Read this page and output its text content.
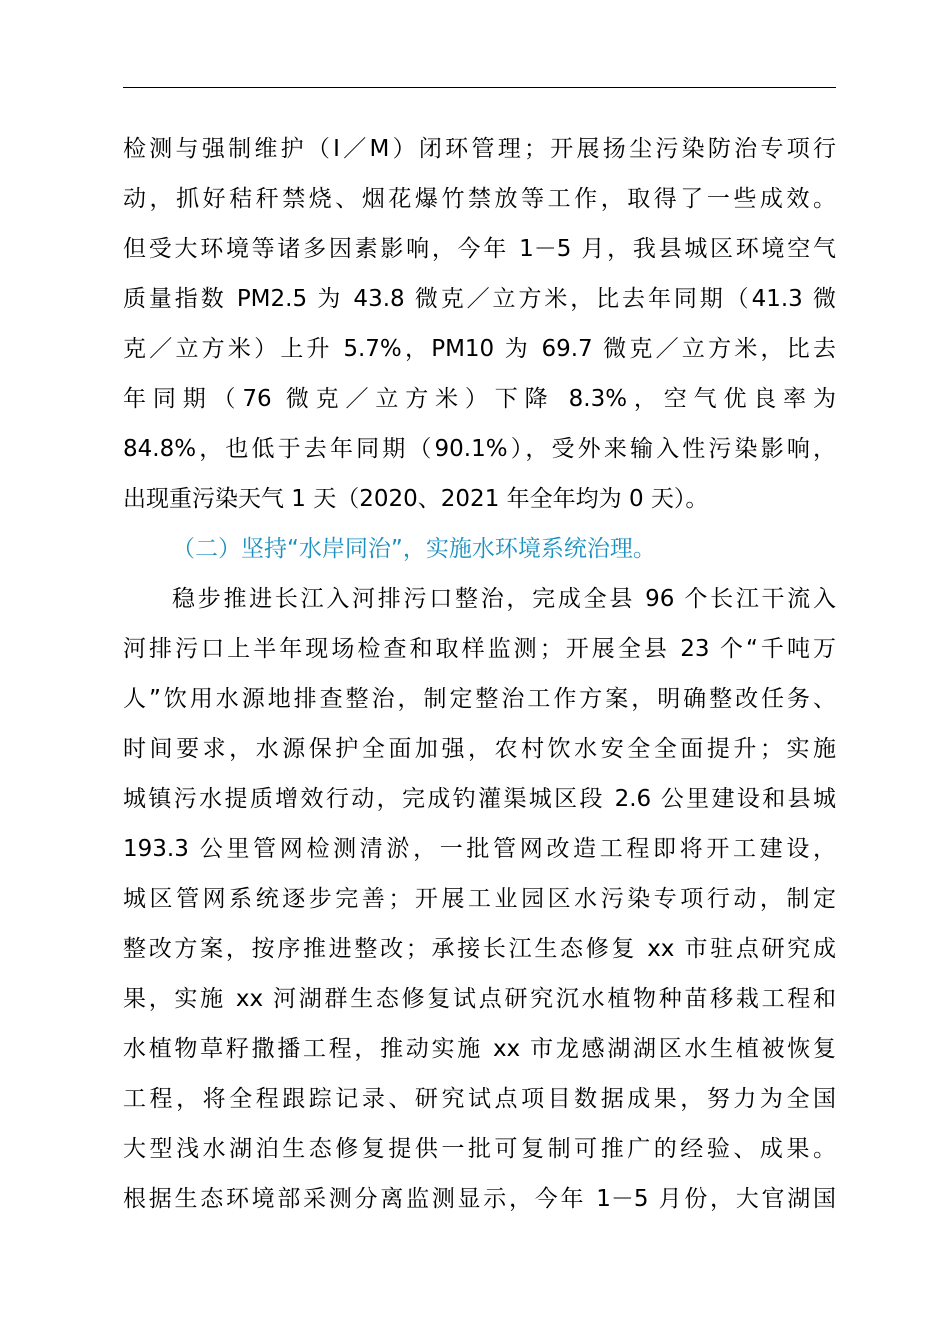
检测与强制维护（I／M）闭环管理；开展扬尘污染防治专项行
动，抓好秸秆禁烧、烟花爆竹禁放等工作，取得了一些成效。
但受大环境等诸多因素影响，今年 1－5 月，我县城区环境空气
质量指数 PM2.5 为 43.8 微克／立方米，比去年同期（41.3 微
克／立方米）上升 5.7%，PM10 为 69.7 微克／立方米，比去
年同期（76 微克／立方米）下降 8.3%，空气优良率为
84.8%，也低于去年同期（90.1%），受外来输入性污染影响，
出现重污染天气 1 天（2020、2021 年全年均为 0 天）。
（二）坚持“水岸同治”，实施水环境系统治理。
稳步推进长江入河排污口整治，完成全县 96 个长江干流入
河排污口上半年现场检查和取样监测；开展全县 23 个“千吨万
人”饮用水源地排查整治，制定整治工作方案，明确整改任务、
时间要求，水源保护全面加强，农村饮水安全全面提升；实施
城镇污水提质增效行动，完成钓灌渠城区段 2.6 公里建设和县城
193.3 公里管网检测清淤，一批管网改造工程即将开工建设，
城区管网系统逐步完善；开展工业园区水污染专项行动，制定
整改方案，按序推进整改；承接长江生态修复 xx 市驻点研究成
果，实施 xx 河湖群生态修复试点研究沉水植物种苗移栽工程和
水植物草籽撒播工程，推动实施 xx 市龙感湖湖区水生植被恢复
工程，将全程跟踪记录、研究试点项目数据成果，努力为全国
大型浅水湖泊生态修复提供一批可复制可推广的经验、成果。
根据生态环境部采测分离监测显示，今年 1－5 月份，大官湖国
